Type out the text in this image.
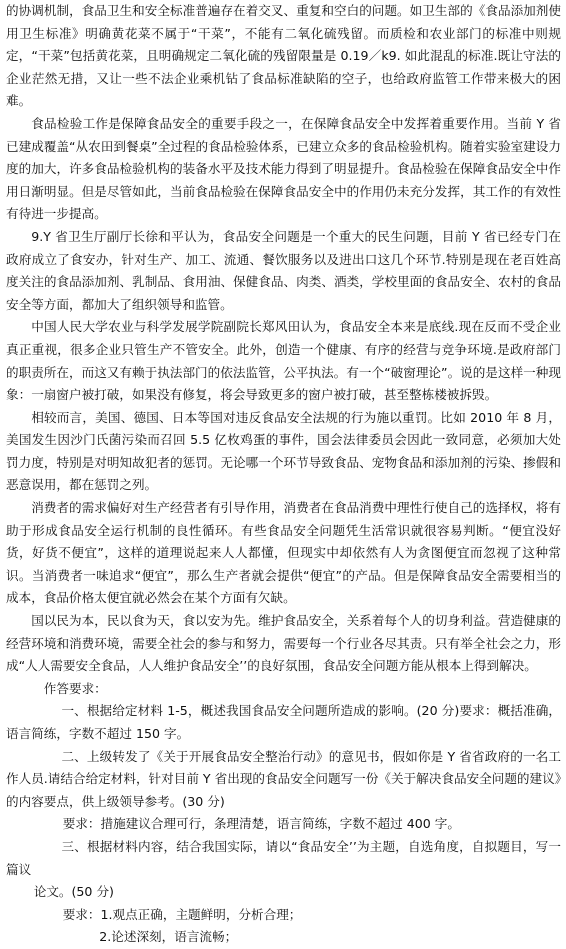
的协调机制，食品卫生和安全标准普遍存在着交叉、重复和空白的问题。如卫生部的《食品添加剂使用卫生标准》明确黄花菜不属于“干菜”，不能有二氧化硫残留。而质检和农业部门的标准中则规定，“干菜”包括黄花菜，且明确规定二氧化硫的残留限量是 0.19／k9. 如此混乱的标准.既让守法的企业茫然无措，又让一些不法企业乘机钻了食品标准缺陷的空子，也给政府监管工作带来极大的困难。

食品检验工作是保障食品安全的重要手段之一，在保障食品安全中发挥着重要作用。当前 Y 省已建成覆盖“从农田到餐桌”全过程的食品检验体系，已建立众多的食品检验机构。随着实验室建设力度的加大，许多食品检验机构的装备水平及技术能力得到了明显提升。食品检验在保障食品安全中作用日渐明显。但是尽管如此，当前食品检验在保障食品安全中的作用仍未充分发挥，其工作的有效性有待进一步提高。

9.Y 省卫生厅副厅长徐和平认为，食品安全问题是一个重大的民生问题，目前 Y 省已经专门在政府成立了食安办，针对生产、加工、流通、餐饮服务以及进出口这几个环节.特别是现在老百姓高度关注的食品添加剂、乳制品、食用油、保健食品、肉类、酒类，学校里面的食品安全、农村的食品安全等方面，都加大了组织领导和监管。

中国人民大学农业与科学发展学院副院长郑风田认为，食品安全本来是底线.现在反而不受企业真正重视，很多企业只管生产不管安全。此外，创造一个健康、有序的经营与竞争环境.是政府部门的职责所在，而这又有赖于执法部门的依法监管，公平执法。有一个“破窗理论”。说的是这样一种现象：一扇窗户被打破，如果没有修复，将会导致更多的窗户被打破，甚至整栋楼被拆毁。

相较而言，美国、德国、日本等国对违反食品安全法规的行为施以重罚。比如 2010 年 8 月，美国发生因沙门氏菌污染而召回 5.5 亿枚鸡蛋的事件，国会法律委员会因此一致同意，必须加大处罚力度，特别是对明知故犯者的惩罚。无论哪一个环节导致食品、宠物食品和添加剂的污染、掺假和恶意误用，都在惩罚之列。

消费者的需求偏好对生产经营者有引导作用，消费者在食品消费中理性行使自己的选择权，将有助于形成食品安全运行机制的良性循环。有些食品安全问题凭生活常识就很容易判断。“便宜没好货，好货不便宜”，这样的道理说起来人人都懂，但现实中却依然有人为贪图便宜而忽视了这种常识。当消费者一味追求“便宜”，那么生产者就会提供“便宜”的产品。但是保障食品安全需要相当的成本，食品价格太便宜就必然会在某个方面有欠缺。

国以民为本，民以食为天，食以安为先。维护食品安全，关系着每个人的切身利益。营造健康的经营环境和消费环境，需要全社会的参与和努力，需要每一个行业各尽其责。只有举全社会之力，形成“人人需要安全食品，人人维护食品安全’’的良好氛围，食品安全问题方能从根本上得到解决。

作答要求：

一、根据给定材料 1-5，概述我国食品安全问题所造成的影响。(20 分)要求：概括准确，语言简练，字数不超过 150 字。

二、上级转发了《关于开展食品安全整治行动》的意见书，假如你是 Y 省省政府的一名工作人员.请结合给定材料，针对目前 Y 省出现的食品安全问题写一份《关于解决食品安全问题的建议》的内容要点，供上级领导参考。(30 分)

要求：措施建议合理可行，条理清楚，语言简练，字数不超过 400 字。

三、根据材料内容，结合我国实际，请以“食品安全’’为主题，自选角度，自拟题目，写一篇议

论文。(50 分)

要求：1.观点正确，主题鲜明，分析合理；

2.论述深刻，语言流畅；
